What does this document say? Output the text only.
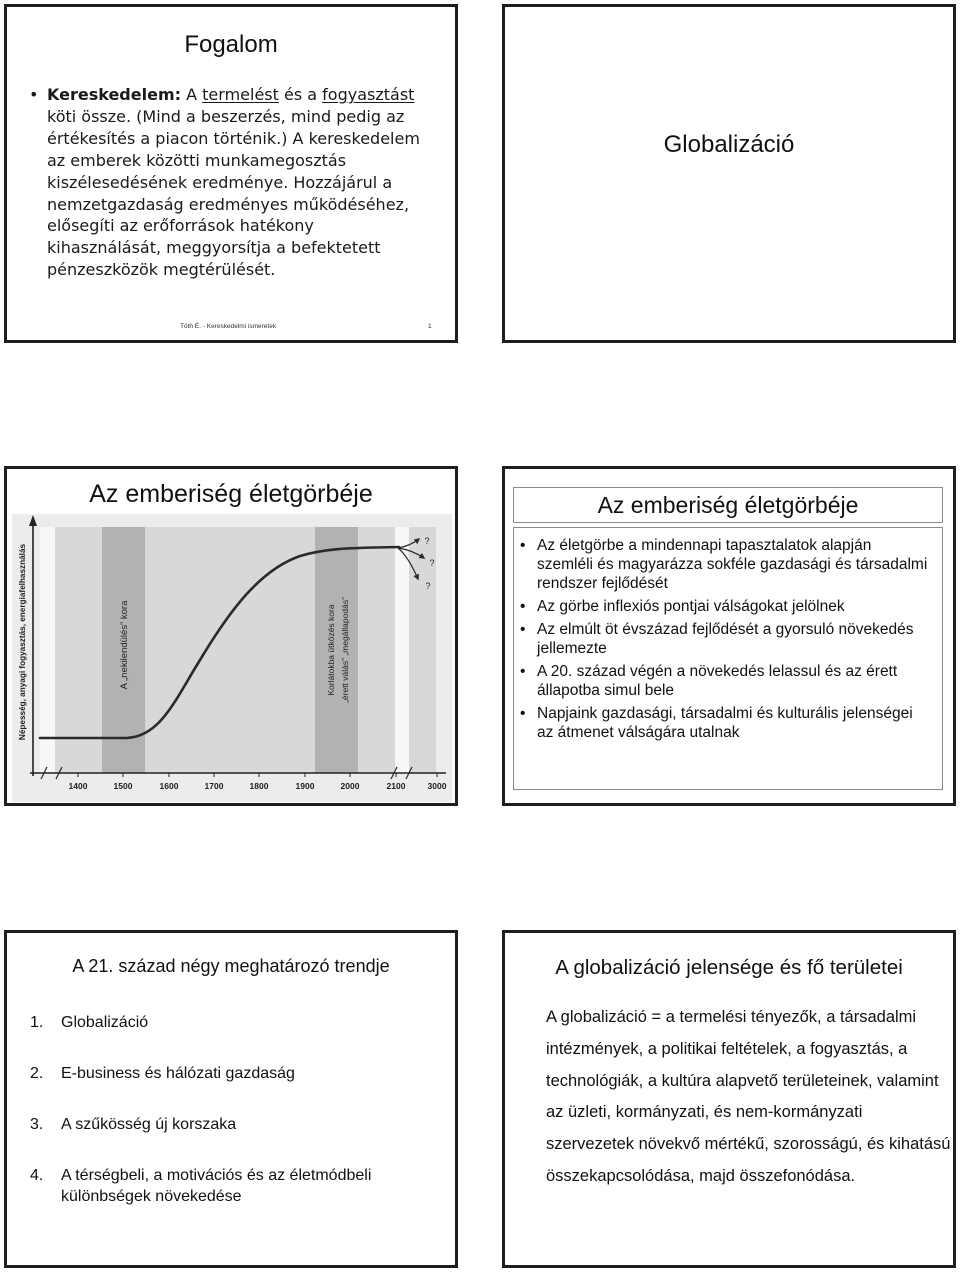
Fogalom
• Kereskedelem: A termelést és a fogyasztást
köti össze. (Mind a beszerzés, mind pedig az
értékesítés a piacon történik.) A kereskedelem
az emberek közötti munkamegosztás
kiszélesedésének eredménye. Hozzájárul a
nemzetgazdaság eredményes működéséhez,
elősegíti az erőforrások hatékony
kihasználását, meggyorsítja a befektetett
pénzeszközök megtérülését.
Tóth É. - Kereskedelmi ismeretek	1
Globalizáció
Az emberiség életgörbéje
1400	1500	1600	1700	1800	1900	2000	2100	3000
Népesség, anyagi fogyasztás, energiafelhasználás	A „nekilendülés” kora	Korlátokba ütközés kora „érett válás” „megállapodás”
?
?
?
Az emberiség életgörbéje
• Az életgörbe a mindennapi tapasztalatok alapján
szemléli és magyarázza sokféle gazdasági és társadalmi
rendszer fejlődését
• Az görbe inflexiós pontjai válságokat jelölnek
• Az elmúlt öt évszázad fejlődését a gyorsuló növekedés
jellemezte
• A 20. század végén a növekedés lelassul és az érett
állapotba simul bele
• Napjaink gazdasági, társadalmi és kulturális jelenségei
az átmenet válságára utalnak
A 21. század négy meghatározó trendje
1. Globalizáció
2. E-business és hálózati gazdaság
3. A szűkösség új korszaka
4. A térségbeli, a motivációs és az életmódbeli
különbségek növekedése
A globalizáció jelensége és fő területei
A globalizáció = a termelési tényezők, a társadalmi
intézmények, a politikai feltételek, a fogyasztás, a
technológiák, a kultúra alapvető területeinek, valamint
az üzleti, kormányzati, és nem-kormányzati
szervezetek növekvő mértékű, szorosságú, és kihatású
összekapcsolódása, majd összefonódása.
